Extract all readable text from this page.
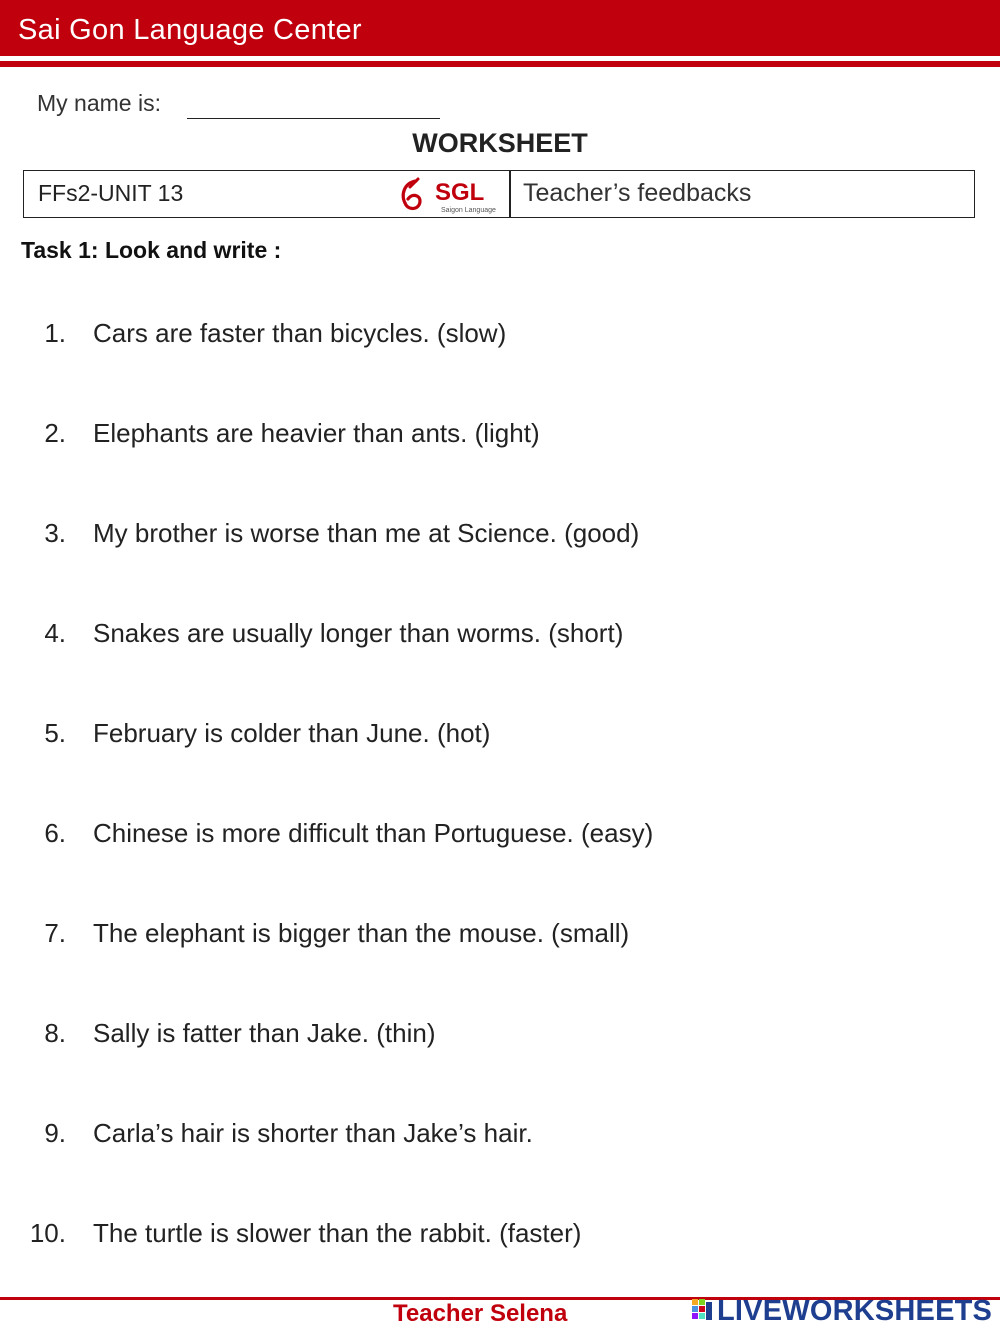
Sai Gon Language Center
My name is:
WORKSHEET
FFs2-UNIT 13	SGL
Saigon Language
Teacher’s feedbacks
Task 1: Look and write :
1. Cars are faster than bicycles. (slow)
2. Elephants are heavier than ants. (light)
3. My brother is worse than me at Science. (good)
4. Snakes are usually longer than worms. (short)
5. February is colder than June. (hot)
6. Chinese is more difficult than Portuguese. (easy)
7. The elephant is bigger than the mouse. (small)
8. Sally is fatter than Jake. (thin)
9. Carla’s hair is shorter than Jake’s hair.
10. The turtle is slower than the rabbit. (faster)
Teacher Selena	LIVEWORKSHEETS
